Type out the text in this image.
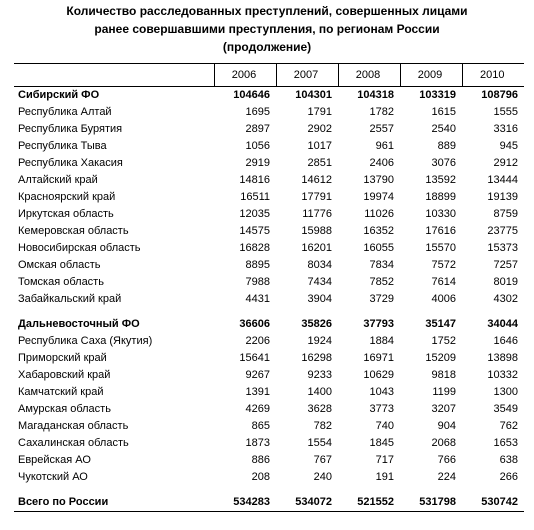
Количество расследованных преступлений, совершенных лицами
ранее совершавшими преступления, по регионам России
(продолжение)
	2006	2007	2008	2009	2010
Сибирский ФО	104646	104301	104318	103319	108796
Республика Алтай	1695	1791	1782	1615	1555
Республика Бурятия	2897	2902	2557	2540	3316
Республика Тыва	1056	1017	961	889	945
Республика Хакасия	2919	2851	2406	3076	2912
Алтайский край	14816	14612	13790	13592	13444
Красноярский край	16511	17791	19974	18899	19139
Иркутская область	12035	11776	11026	10330	8759
Кемеровская область	14575	15988	16352	17616	23775
Новосибирская область	16828	16201	16055	15570	15373
Омская область	8895	8034	7834	7572	7257
Томская область	7988	7434	7852	7614	8019
Забайкальский край	4431	3904	3729	4006	4302

Дальневосточный ФО	36606	35826	37793	35147	34044
Республика Саха (Якутия)	2206	1924	1884	1752	1646
Приморский край	15641	16298	16971	15209	13898
Хабаровский край	9267	9233	10629	9818	10332
Камчатский край	1391	1400	1043	1199	1300
Амурская область	4269	3628	3773	3207	3549
Магаданская область	865	782	740	904	762
Сахалинская область	1873	1554	1845	2068	1653
Еврейская АО	886	767	717	766	638
Чукотский АО	208	240	191	224	266

Всего по России	534283	534072	521552	531798	530742
